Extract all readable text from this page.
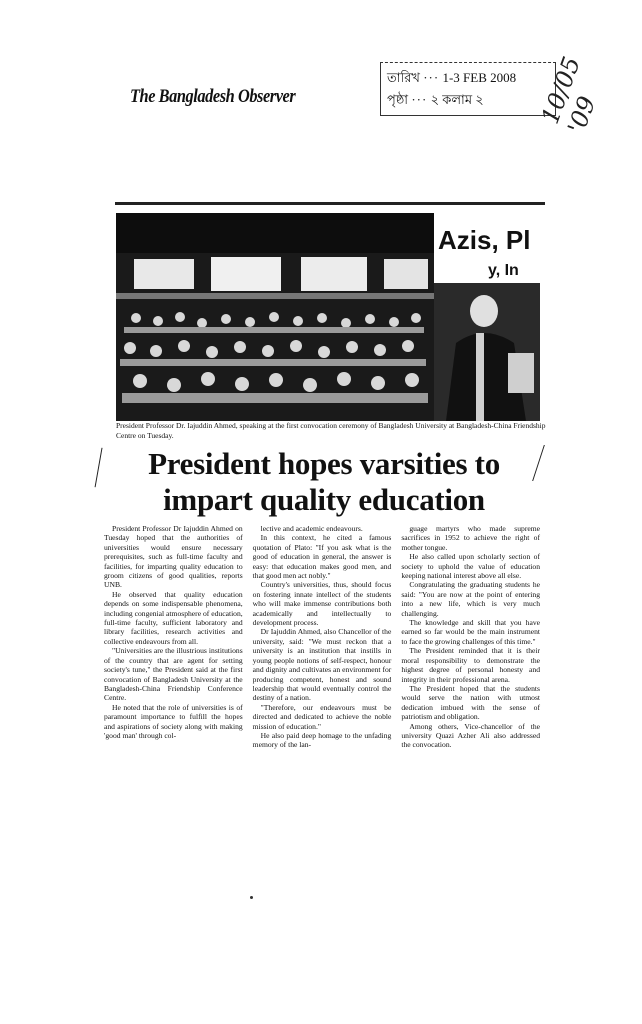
The Bangladesh Observer
তারিখ ··· 1-3 FEB 2008
পৃষ্ঠা ··· ২ কলাম ২	10/05 '09
Azis, Pl
y, In
President Professor Dr. Iajuddin Ahmed, speaking at the first convocation ceremony of Bangladesh University at Bangladesh-China Friendship Centre on Tuesday.
President hopes varsities to
impart quality education

President Professor Dr Iajuddin Ahmed on Tuesday hoped that the authorities of universities would ensure necessary prerequisites, such as full-time faculty and facilities, for imparting quality education to groom citizens of good qualities, reports UNB.

He observed that quality education depends on some indispensable phenomena, including congenial atmosphere of education, full-time faculty, sufficient laboratory and library facilities, research activities and collective endeavours from all.

"Universities are the illustrious institutions of the country that are agent for setting society's tune," the President said at the first convocation of Bangladesh University at the Bangladesh-China Friendship Conference Centre.

He noted that the role of universities is of paramount importance to fulfill the hopes and aspirations of society along with making 'good man' through col-

lective and academic endeavours.

In this context, he cited a famous quotation of Plato: "If you ask what is the good of education in general, the answer is easy: that education makes good men, and that good men act nobly."

Country's universities, thus, should focus on fostering innate intellect of the students who will make immense contributions both academically and intellectually to development process.

Dr Iajuddin Ahmed, also Chancellor of the university, said: "We must reckon that a university is an institution that instills in young people notions of self-respect, honour and dignity and cultivates an environment for producing competent, honest and sound leadership that would eventually control the destiny of a nation.

"Therefore, our endeavours must be directed and dedicated to achieve the noble mission of education."

He also paid deep homage to the unfading memory of the lan-

guage martyrs who made supreme sacrifices in 1952 to achieve the right of mother tongue.

He also called upon scholarly section of society to uphold the value of education keeping national interest above all else.

Congratulating the graduating students he said: "You are now at the point of entering into a new life, which is very much challenging.

The knowledge and skill that you have earned so far would be the main instrument to face the growing challenges of this time."

The President reminded that it is their moral responsibility to demonstrate the highest degree of personal honesty and integrity in their professional arena.

The President hoped that the students would serve the nation with utmost dedication imbued with the sense of patriotism and obligation.

Among others, Vice-chancellor of the university Quazi Azher Ali also addressed the convocation.
